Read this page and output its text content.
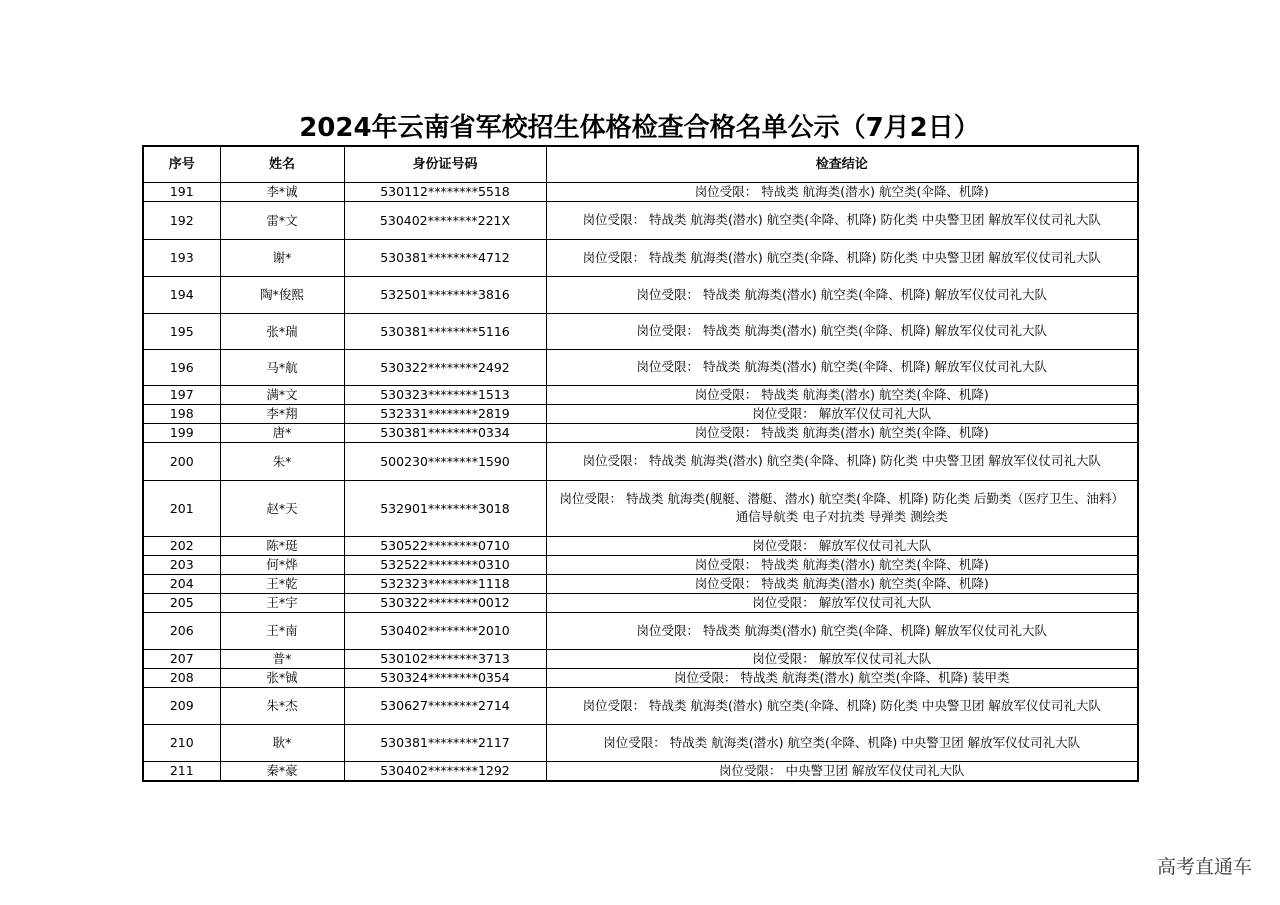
2024年云南省军校招生体格检查合格名单公示（7月2日）
序号	姓名	身份证号码	检查结论
191	李*诚	530112********5518	岗位受限： 特战类 航海类(潜水) 航空类(伞降、机降)
192	雷*文	530402********221X	岗位受限： 特战类 航海类(潜水) 航空类(伞降、机降) 防化类 中央警卫团 解放军仪仗司礼大队
193	谢*	530381********4712	岗位受限： 特战类 航海类(潜水) 航空类(伞降、机降) 防化类 中央警卫团 解放军仪仗司礼大队
194	陶*俊熙	532501********3816	岗位受限： 特战类 航海类(潜水) 航空类(伞降、机降) 解放军仪仗司礼大队
195	张*瑞	530381********5116	岗位受限： 特战类 航海类(潜水) 航空类(伞降、机降) 解放军仪仗司礼大队
196	马*航	530322********2492	岗位受限： 特战类 航海类(潜水) 航空类(伞降、机降) 解放军仪仗司礼大队
197	满*文	530323********1513	岗位受限： 特战类 航海类(潜水) 航空类(伞降、机降)
198	李*翔	532331********2819	岗位受限： 解放军仪仗司礼大队
199	唐*	530381********0334	岗位受限： 特战类 航海类(潜水) 航空类(伞降、机降)
200	朱*	500230********1590	岗位受限： 特战类 航海类(潜水) 航空类(伞降、机降) 防化类 中央警卫团 解放军仪仗司礼大队
201	赵*天	532901********3018	岗位受限： 特战类 航海类(舰艇、潜艇、潜水) 航空类(伞降、机降) 防化类 后勤类（医疗卫生、油料） 通信导航类 电子对抗类 导弹类 测绘类
202	陈*珽	530522********0710	岗位受限： 解放军仪仗司礼大队
203	何*烨	532522********0310	岗位受限： 特战类 航海类(潜水) 航空类(伞降、机降)
204	王*乾	532323********1118	岗位受限： 特战类 航海类(潜水) 航空类(伞降、机降)
205	王*宇	530322********0012	岗位受限： 解放军仪仗司礼大队
206	王*南	530402********2010	岗位受限： 特战类 航海类(潜水) 航空类(伞降、机降) 解放军仪仗司礼大队
207	普*	530102********3713	岗位受限： 解放军仪仗司礼大队
208	张*铖	530324********0354	岗位受限： 特战类 航海类(潜水) 航空类(伞降、机降) 装甲类
209	朱*杰	530627********2714	岗位受限： 特战类 航海类(潜水) 航空类(伞降、机降) 防化类 中央警卫团 解放军仪仗司礼大队
210	耿*	530381********2117	岗位受限： 特战类 航海类(潜水) 航空类(伞降、机降) 中央警卫团 解放军仪仗司礼大队
211	秦*豪	530402********1292	岗位受限： 中央警卫团 解放军仪仗司礼大队
高考直通车
